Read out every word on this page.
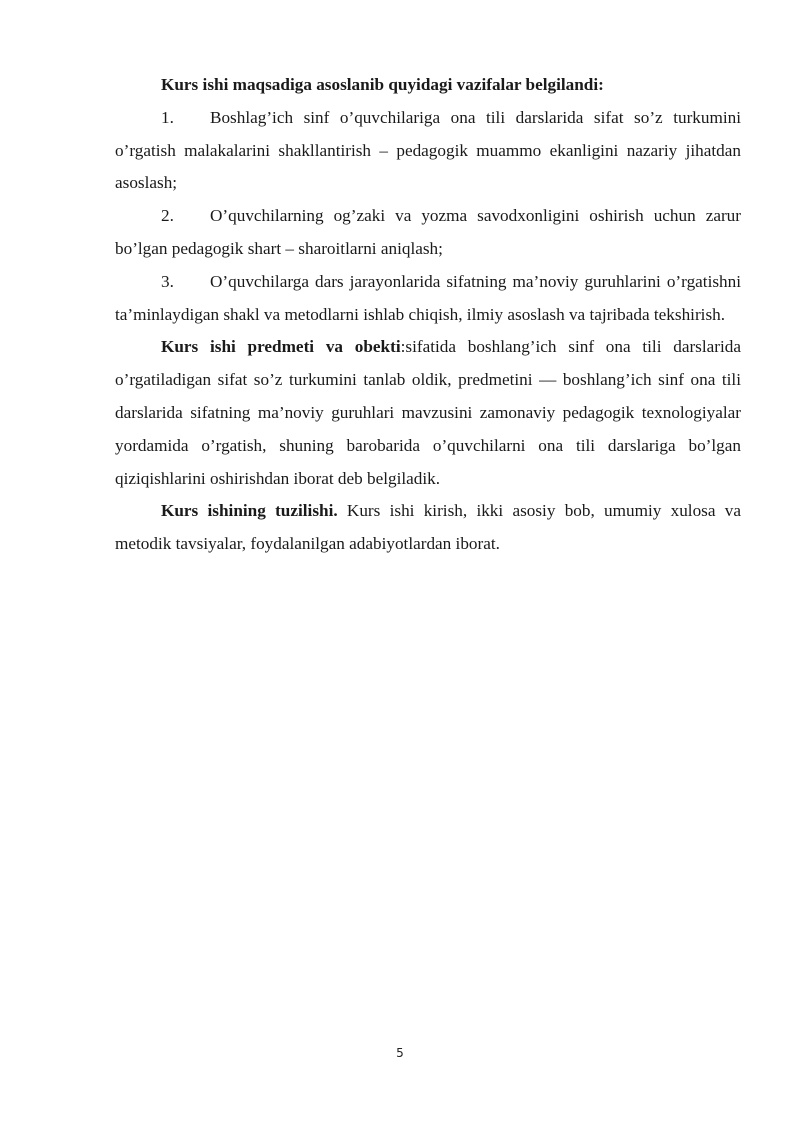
Kurs ishi maqsadiga asoslanib quyidagi vazifalar belgilandi:

1. Boshlag’ich sinf o’quvchilariga ona tili darslarida sifat so’z turkumini o’rgatish malakalarini shakllantirish – pedagogik muammo ekanligini nazariy jihatdan asoslash;

2. O’quvchilarning og’zaki va yozma savodxonligini oshirish uchun zarur bo’lgan pedagogik shart – sharoitlarni aniqlash;

3. O’quvchilarga dars jarayonlarida sifatning ma’noviy guruhlarini o’rgatishni ta’minlaydigan shakl va metodlarni ishlab chiqish, ilmiy asoslash va tajribada tekshirish.

Kurs ishi predmeti va obekti:sifatida boshlang’ich sinf ona tili darslarida o’rgatiladigan sifat so’z turkumini tanlab oldik, predmetini — boshlang’ich sinf ona tili darslarida sifatning ma’noviy guruhlari mavzusini zamonaviy pedagogik texnologiyalar yordamida o’rgatish, shuning barobarida o’quvchilarni ona tili darslariga bo’lgan qiziqishlarini oshirishdan iborat deb belgiladik.

Kurs ishining tuzilishi. Kurs ishi kirish, ikki asosiy bob, umumiy xulosa va metodik tavsiyalar, foydalanilgan adabiyotlardan iborat.

5
